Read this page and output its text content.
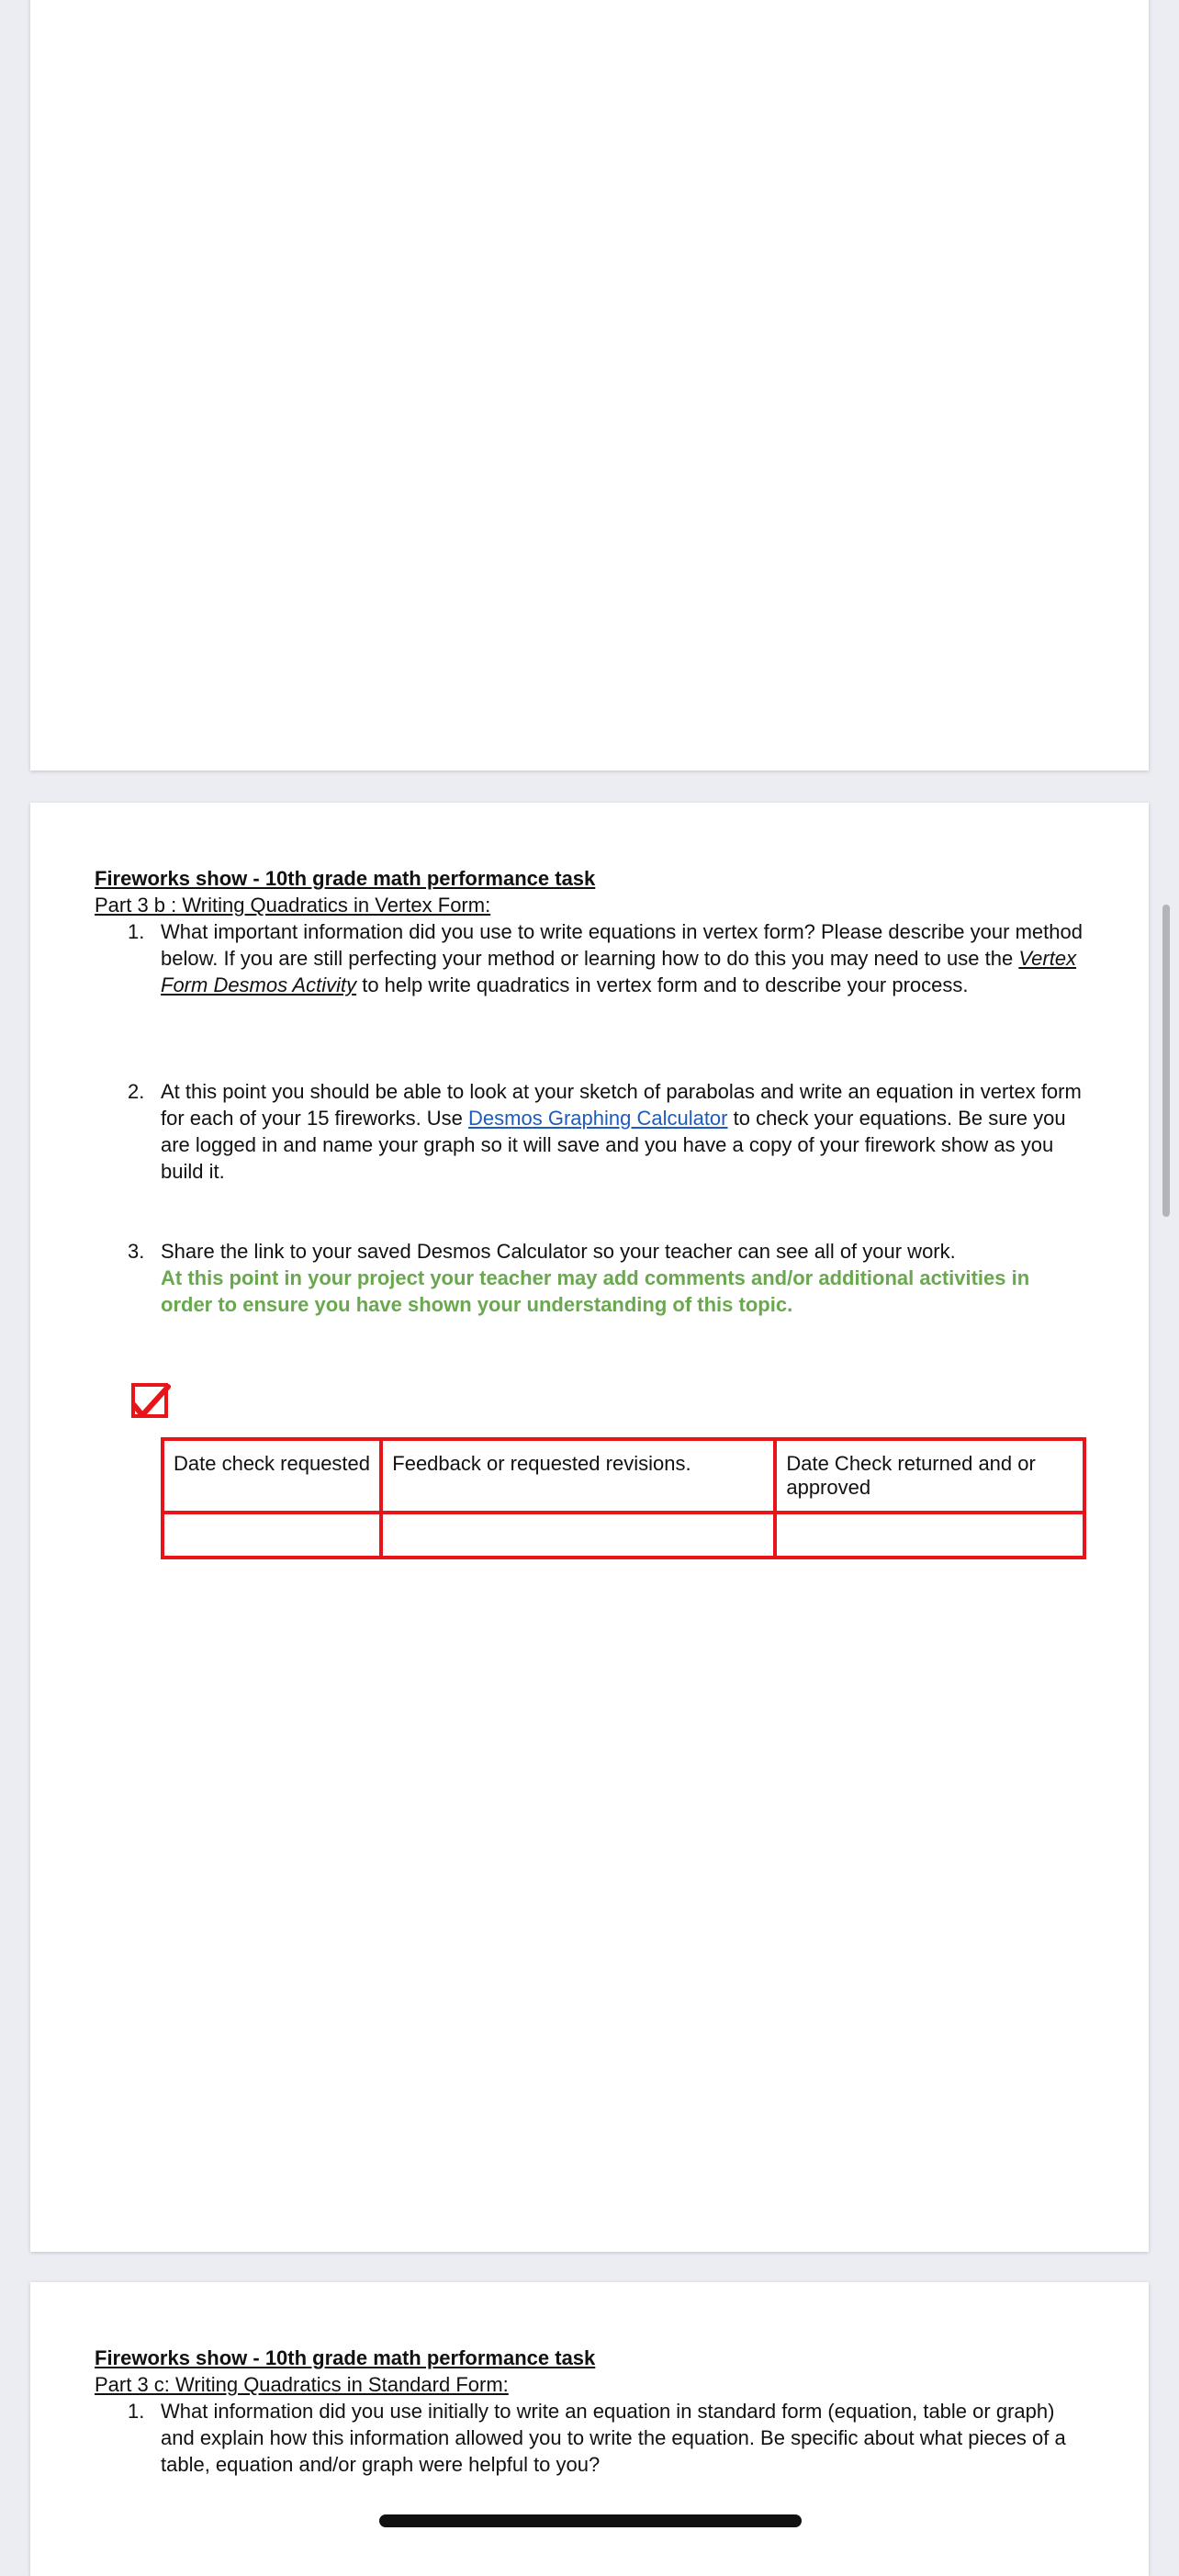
Fireworks show - 10th grade math performance task
Part 3 b : Writing Quadratics in Vertex Form:
1. What important information did you use to write equations in vertex form? Please describe your method below. If you are still perfecting your method or learning how to do this you may need to use the Vertex Form Desmos Activity to help write quadratics in vertex form and to describe your process.
2. At this point you should be able to look at your sketch of parabolas and write an equation in vertex form for each of your 15 fireworks. Use Desmos Graphing Calculator to check your equations. Be sure you are logged in and name your graph so it will save and you have a copy of your firework show as you build it.
3. Share the link to your saved Desmos Calculator so your teacher can see all of your work.
At this point in your project your teacher may add comments and/or additional activities in order to ensure you have shown your understanding of this topic.
Date check requested	Feedback or requested revisions.	Date Check returned and or approved

Fireworks show - 10th grade math performance task
Part 3 c: Writing Quadratics in Standard Form:
1. What information did you use initially to write an equation in standard form (equation, table or graph) and explain how this information allowed you to write the equation. Be specific about what pieces of a table, equation and/or graph were helpful to you?
